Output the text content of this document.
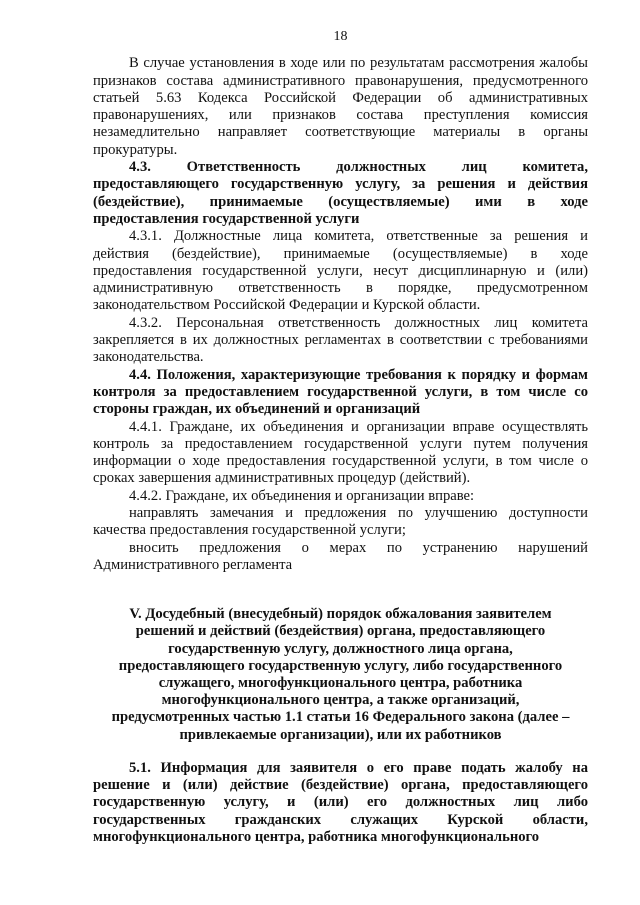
18

В случае установления в ходе или по результатам рассмотрения жалобы признаков состава административного правонарушения, предусмотренного статьей 5.63 Кодекса Российской Федерации об административных правонарушениях, или признаков состава преступления комиссия незамедлительно направляет соответствующие материалы в органы прокуратуры.

4.3. Ответственность должностных лиц комитета, предоставляющего государственную услугу, за решения и действия (бездействие), принимаемые (осуществляемые) ими в ходе предоставления государственной услуги

4.3.1. Должностные лица комитета, ответственные за решения и действия (бездействие), принимаемые (осуществляемые) в ходе предоставления государственной услуги, несут дисциплинарную и (или) административную ответственность в порядке, предусмотренном законодательством Российской Федерации и Курской области.

4.3.2. Персональная ответственность должностных лиц комитета закрепляется в их должностных регламентах в соответствии с требованиями законодательства.

4.4. Положения, характеризующие требования к порядку и формам контроля за предоставлением государственной услуги, в том числе со стороны граждан, их объединений и организаций

4.4.1. Граждане, их объединения и организации вправе осуществлять контроль за предоставлением государственной услуги путем получения информации о ходе предоставления государственной услуги, в том числе о сроках завершения административных процедур (действий).

4.4.2. Граждане, их объединения и организации вправе:

направлять замечания и предложения по улучшению доступности качества предоставления государственной услуги;

вносить предложения о мерах по устранению нарушений Административного регламента

V. Досудебный (внесудебный) порядок обжалования заявителем
решений и действий (бездействия) органа, предоставляющего
государственную услугу, должностного лица органа,
предоставляющего государственную услугу, либо государственного
служащего, многофункционального центра, работника
многофункционального центра, а также организаций,
предусмотренных частью 1.1 статьи 16 Федерального закона (далее –
привлекаемые организации), или их работников

5.1. Информация для заявителя о его праве подать жалобу на решение и (или) действие (бездействие) органа, предоставляющего государственную услугу, и (или) его должностных лиц либо государственных гражданских служащих Курской области, многофункционального центра, работника многофункционального
